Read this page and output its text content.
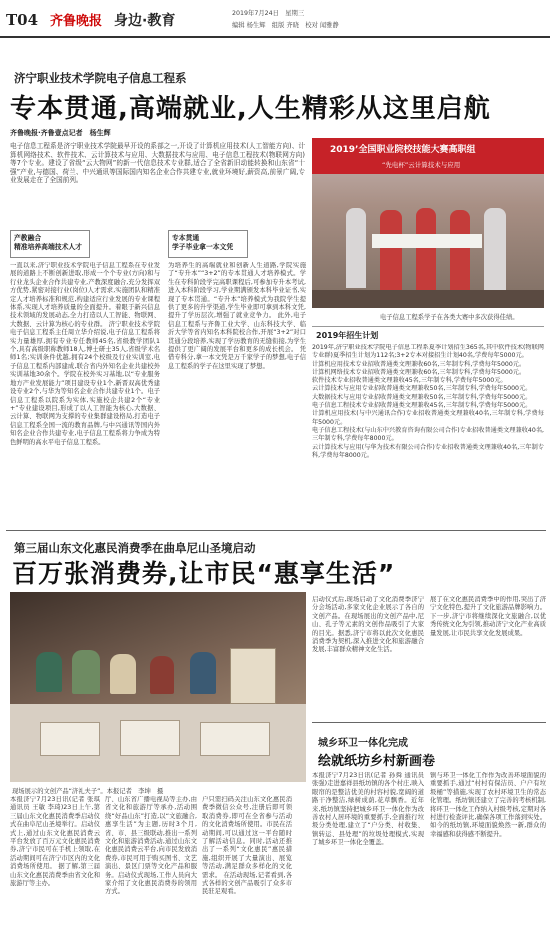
T04 齐鲁晚报 身边·教育	2019年7月24日　星期三
编辑 杨生辉　组版 齐晓　校对 闻雅静
济宁职业技术学院电子信息工程系
专本贯通,高端就业,人生精彩从这里启航
齐鲁晚报·齐鲁壹点记者　杨生辉
电子信息工程系是济宁职业技术学院最早开设的系部之一,开设了计算机应用技术(人工智能方向)、计算机网络技术、软件技术、云计算技术与应用、大数据技术与应用、电子信息工程技术(物联网方向)等7个专业。建设了省级“云大物网”的新一代信息技术专业群,适合了全省新旧动能转换和山东省“十强”产业,与德国、荷兰、中兴通讯等国际国内知名企业合作共建专业,就业环境好,薪资高,前景广阔,专业发展走在了全国前列。
产教融合
精准培养高端技术人才
一直以来,济宁职业技术学院电子信息工程系在专业发展的道路上不断创新进取,形成一个个专业(方向)和与行业龙头企业合作共建专业,产教深度融合,充分发挥双方优势,紧密对接行业(岗位)人才需求,实施团队和精准定人才培养标准和规范,构建适应行业发展的专业课程体系,实现人才培养质量的全面提升。着眼于新兴信息技术领域的发展动态,全力打造以人工智能、物联网、大数据、云计算为核心的专业群。 济宁职业技术学院电子信息工程系主任周立华介绍说,电子信息工程系将实力量雄厚,拥有专业专任教师45名,省级教学团队1个,具有高级职称教师18人,博士研士35人,省级学术名师1名;实训条件优越,拥有24个校级及行业实训室,电子信息工程系内部建成,联合省内外知名企业共建校外实训基地30余个。学院在校外实习基地,以“专业服务地方产业发展能力”项目建设专业1个,新晋双高优秀建设专业2个,与华为等知名企业合作共建专业1个。电子信息工程系以院系为实体,实施校企共建2个“专业+”专业建设项目,形成了以人工智能为核心,大数据、云计算、物联网为支撑的专业集群建设格局,打造电子信息工程系全国一流的教育品牌,与中兴通讯等国内外知名企业合作共建专业,电子信息工程系将力争成为特色鲜明的高水平电子信息工程系。
专本贯通
学子毕业拿一本文凭
为培养生的高端就业和创新人生道路,学院实施了“专升本”“3+2”的专本贯通人才培养模式。学生在专科阶段学完高职课程后,可参加专升本考试,进入本科阶段学习,学业期满颁发本科毕业证书,实现了专本贯通。“专升本”培养模式为我院学生提供了更多的升学渠道,学生毕业即可拿到本科文凭,提升了学历层次,增强了就业竞争力。 此外,电子信息工程系与齐鲁工业大学、山东科技大学、临沂大学等省内知名本科院校合作,开展“3+2”对口贯通分段培养,实现了学历教育的无缝衔接,为学生提供了更广阔的发展平台和更多的成长机会。 凭借专科分,拿一本文凭是万千家学子的梦想,电子信息工程系的学子在这里实现了梦想。
2019’全国职业院校技能大赛高职组
“先电杯”云计算技术与应用
电子信息工程系学子在各类大赛中多次获得佳绩。
2019年招生计划
2019年,济宁职业技术学院电子信息工程系夏季计划招生365名,其中软件技术(物联网专业群)夏季招生计划为112名;3+2专本对接招生计划40名,学费每年5000元。
计算机应用技术专业招收普通类文理兼收60名,三年制专科,学费每年5000元。
计算机网络技术专业招收普通类文理兼收60名,三年制专科,学费每年5000元。
软件技术专业招收普通类文理兼收45名,三年制专科,学费每年5000元。
云计算技术与应用专业招收普通类文理兼收50名,三年制专科,学费每年5000元。
大数据技术与应用专业招收普通类文理兼收50名,三年制专科,学费每年5000元。
电子信息工程技术专业招收普通类文理兼收45名,三年制专科,学费每年5000元。
计算机应用技术(与中兴通讯合作)专业招收普通类文理兼收40名,三年制专科,学费每年5000元。
电子信息工程技术(与山东中兴教育咨询有限公司合作)专业招收普通类文理兼收40名,三年制专科,学费每年8000元。
云计算技术与应用(与华为技术有限公司合作)专业招收普通类文理兼收40名,三年制专科,学费每年8000元。
第三届山东文化惠民消费季在曲阜尼山圣境启动
百万张消费券,让市民“惠享生活”
现场展示的文创产品“济礼夫子”。本报记者　李坤　摄
本报济宁7月23日讯(记者 张琪 通讯员 王敏 李琦)23日上午,第三届山东文化惠民消费季启动仪式在曲阜尼山圣境举行。启动仪式上,通过山东文化惠民消费云平台发放了百万元文化惠民消费券,济宁市民可在手机上领取,在活动期间可在济宁市区内的文化消费场所使用。 据了解,第三届山东文化惠民消费季由省文化和旅游厅等主办。
厅、山东省广播电视局等主办,由省文化和旅游厅等承办,活动围绕“好品山东”打造,以“文旅融合,惠享生活”为主题,历时3个月,省、市、县三级联动,推出一系列文化和旅游消费活动,通过山东文化惠民消费云平台,向市民发放消费券,市民可用于购买图书、文艺演出、景区门票等文化产品和服务。启动仪式现场,工作人员向大家介绍了文化惠民消费券的领用方式。
户只需扫码关注山东文化惠民消费季微信公众号,注册后即可领取消费券,即可在全省参与活动的文化消费场所使用。市民在活动期间,可以通过这一平台随时了解活动信息。同时,活动还推出了一系列“文化惠民”惠民措施,组织开展了大量演出、展览等活动,满足群众多样化的文化需求。 在活动现场,记者看到,各式各样的文创产品吸引了众多市民驻足观看。
启动仪式后,现场启动了文化消费季济宁分会场活动,多家文化企业展示了各自的文创产品。在现场展出的文创产品中,尼山、孔子等元素的文创作品吸引了大家的目光。据悉,济宁市将以此次文化惠民消费季为契机,深入推进文化和旅游融合发展,丰富群众精神文化生活。
展了在文化惠民消费季中的作用,突出了济宁文化特色,提升了文化旅游品牌影响力。下一步,济宁市将继续深化文旅融合,以优秀传统文化为引领,推动济宁文化产业高质量发展,让市民共享文化发展成果。
城乡环卫一体化完成
绘就纸坊乡村新画卷
本报济宁7月23日讯(记者 孙舜 通讯员 张强)走进嘉祥县纸坊镇的各个村庄,映入眼帘的是整洁优美的村容村貌,宽阔的道路干净整洁,绿树成荫,花草飘香。近年来,纸坊镇坚持把城乡环卫一体化作为改善农村人居环境的重要抓手,全面推行垃圾分类处理,建立了“户分类、村收集、镇转运、县处理”的垃圾处理模式,实现了城乡环卫一体化全覆盖。
镇与环卫一体化工作作为改善环境面貌的重要抓手,通过“村村有保洁员、户户有垃圾桶”等措施,实现了农村环境卫生的常态化管理。纸坊镇还建立了完善的考核机制,将环卫一体化工作纳入村级考核,定期对各村进行检查评比,确保各项工作落到实处。如今的纸坊镇,环境面貌焕然一新,群众的幸福感和获得感不断提升。
